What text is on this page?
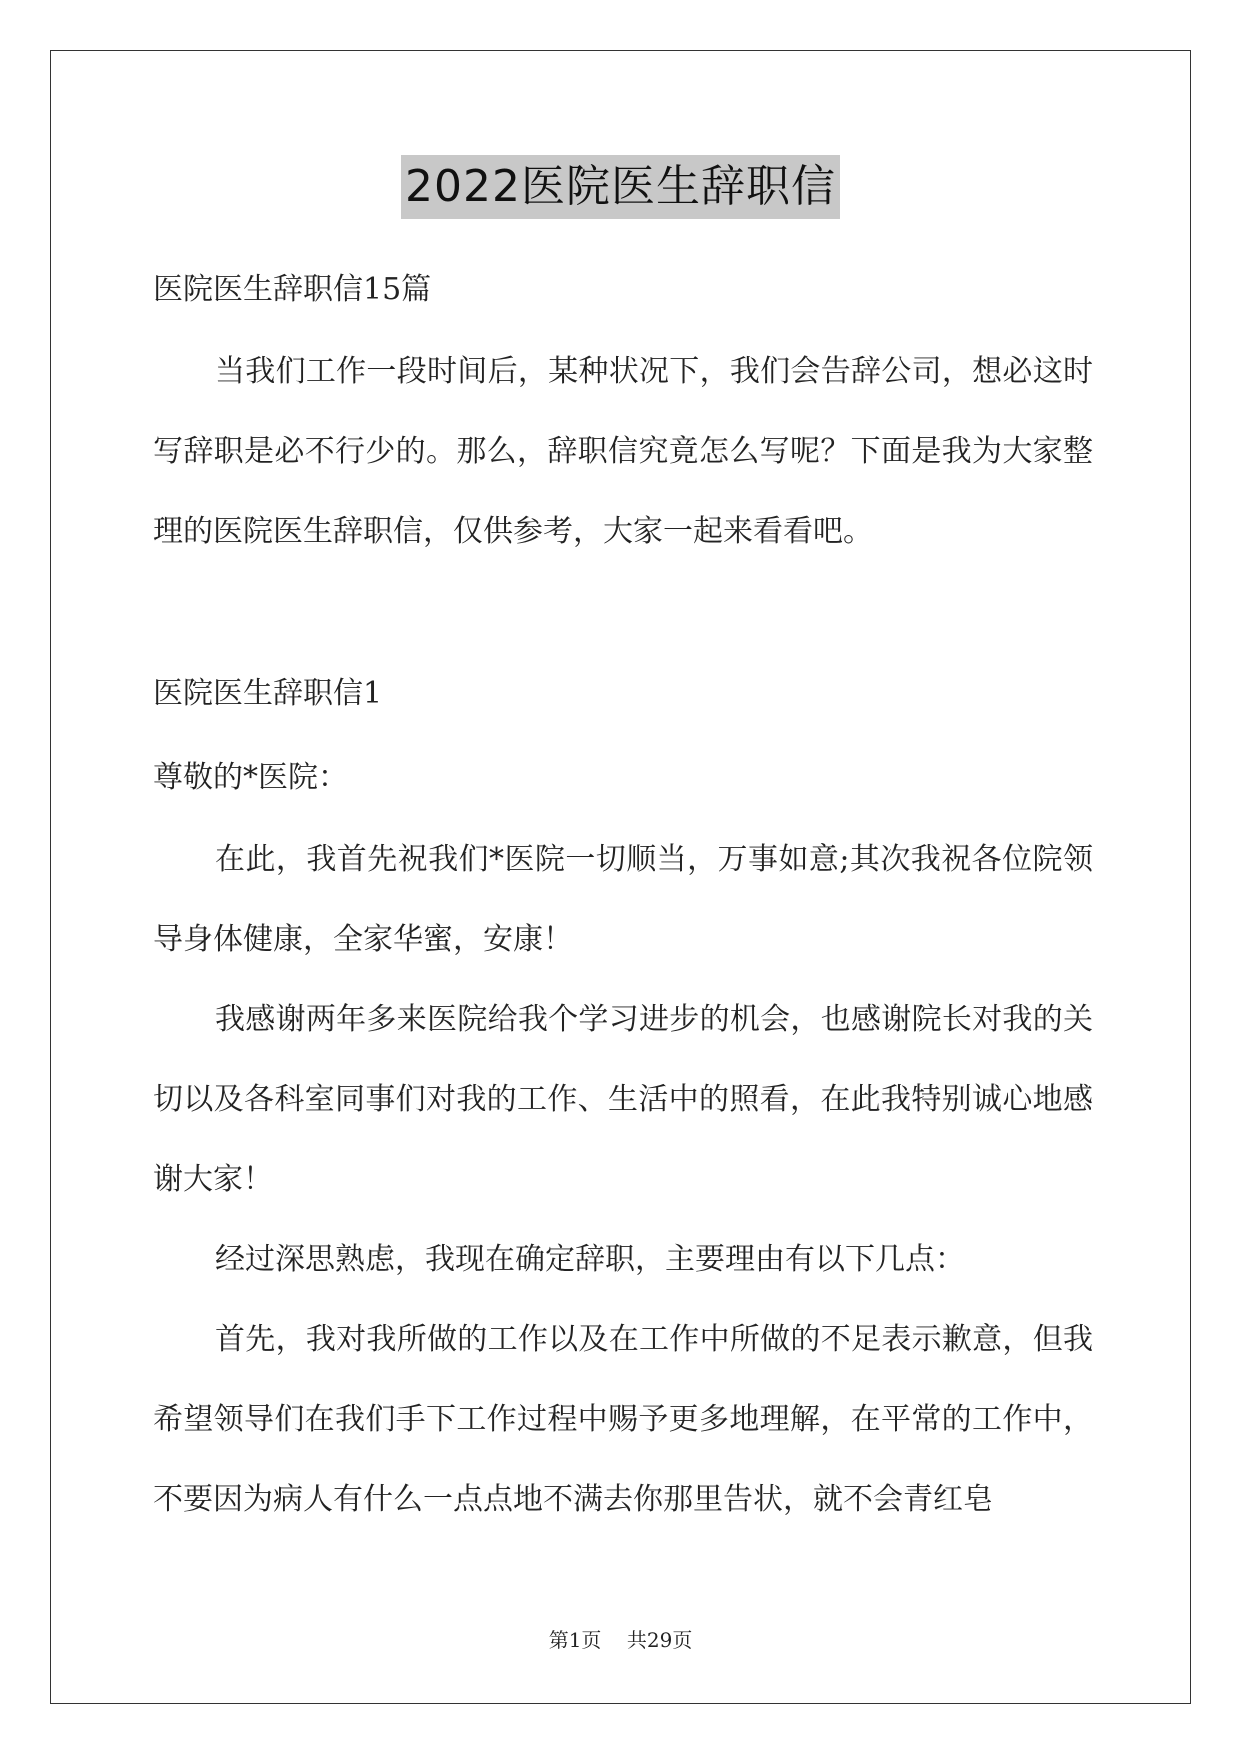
2022医院医生辞职信
医院医生辞职信15篇

当我们工作一段时间后，某种状况下，我们会告辞公司，想必这时写辞职是必不行少的。那么，辞职信究竟怎么写呢？下面是我为大家整理的医院医生辞职信，仅供参考，大家一起来看看吧。

医院医生辞职信1
尊敬的*医院：

在此，我首先祝我们*医院一切顺当，万事如意;其次我祝各位院领导身体健康，全家华蜜，安康！

我感谢两年多来医院给我个学习进步的机会，也感谢院长对我的关切以及各科室同事们对我的工作、生活中的照看，在此我特别诚心地感谢大家！

经过深思熟虑，我现在确定辞职，主要理由有以下几点：

首先，我对我所做的工作以及在工作中所做的不足表示歉意，但我希望领导们在我们手下工作过程中赐予更多地理解，在平常的工作中，不要因为病人有什么一点点地不满去你那里告状，就不会青红皂

第1页 共29页
